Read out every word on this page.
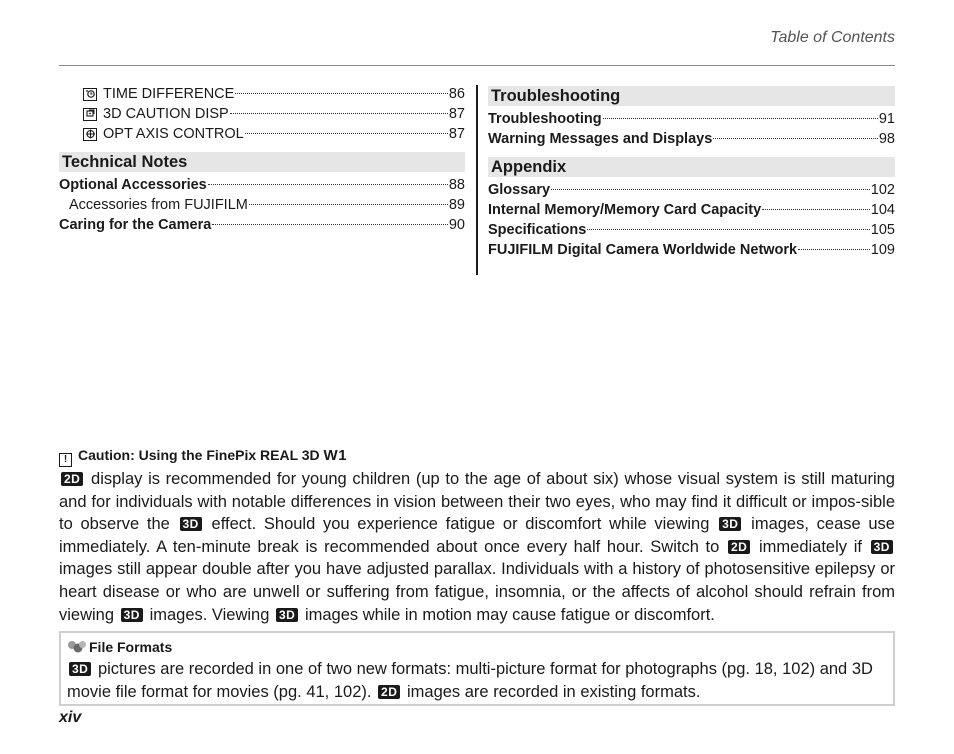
Table of Contents
TIME DIFFERENCE	86
3D CAUTION DISP	87
OPT AXIS CONTROL	87
Technical Notes
Optional Accessories	88
Accessories from FUJIFILM	89
Caring for the Camera	90
Troubleshooting
Troubleshooting	91
Warning Messages and Displays	98
Appendix
Glossary	102
Internal Memory/Memory Card Capacity	104
Specifications	105
FUJIFILM Digital Camera Worldwide Network	109
! Caution: Using the FinePix REAL 3D W1
2D display is recommended for young children (up to the age of about six) whose visual system is still maturing and for individuals with notable differences in vision between their two eyes, who may find it difficult or impos-sible to observe the 3D effect. Should you experience fatigue or discomfort while viewing 3D images, cease use immediately. A ten-minute break is recommended about once every half hour. Switch to 2D immediately if 3D images still appear double after you have adjusted parallax. Individuals with a history of photosensitive epilepsy or heart disease or who are unwell or suffering from fatigue, insomnia, or the affects of alcohol should refrain from viewing 3D images. Viewing 3D images while in motion may cause fatigue or discomfort.
File Formats
3D pictures are recorded in one of two new formats: multi-picture format for photographs (pg. 18, 102) and 3D movie file format for movies (pg. 41, 102). 2D images are recorded in existing formats.
xiv
